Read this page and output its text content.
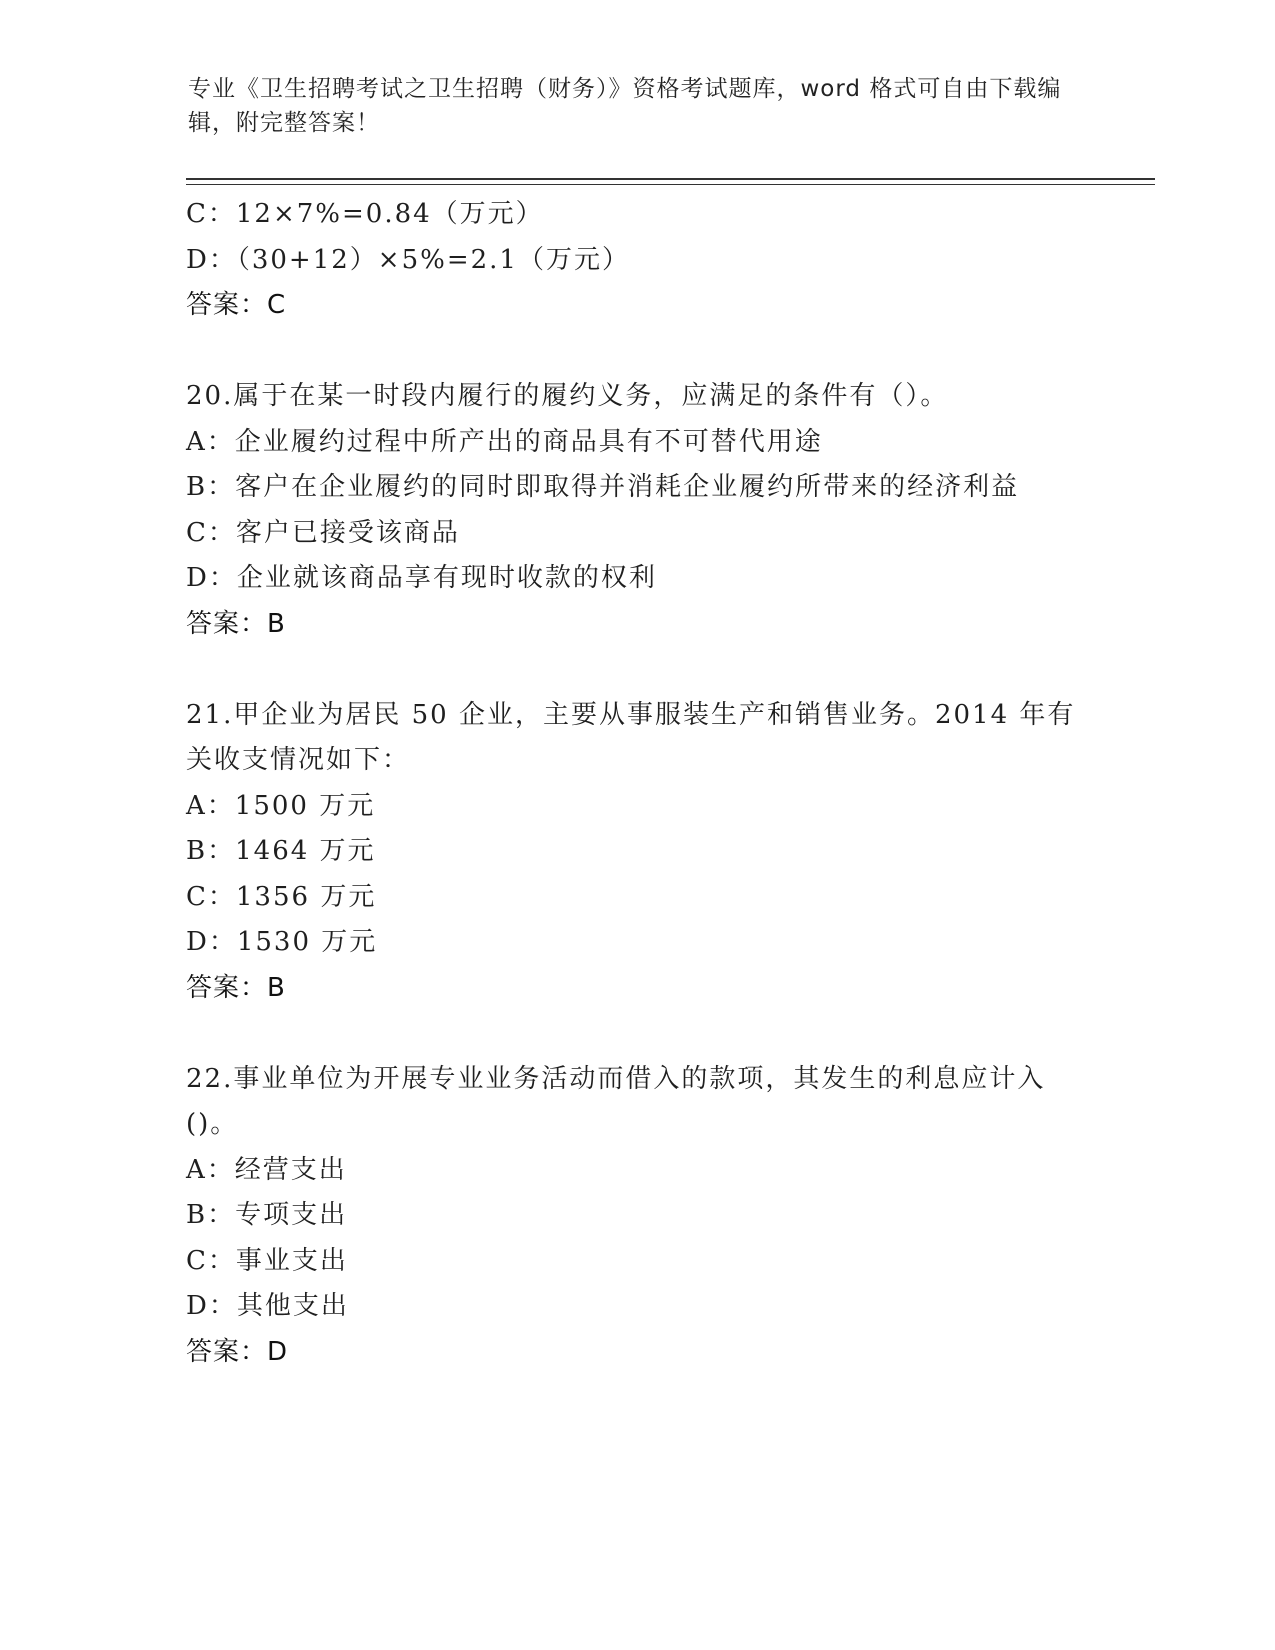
专业《卫生招聘考试之卫生招聘（财务）》资格考试题库，word 格式可自由下载编辑，附完整答案！

C：12×7%=0.84（万元）

D：（30+12）×5%=2.1（万元）

答案：C

20.属于在某一时段内履行的履约义务，应满足的条件有（）。

A：企业履约过程中所产出的商品具有不可替代用途

B：客户在企业履约的同时即取得并消耗企业履约所带来的经济利益

C：客户已接受该商品

D：企业就该商品享有现时收款的权利

答案：B

21.甲企业为居民 50 企业，主要从事服装生产和销售业务。2014 年有

关收支情况如下：

A：1500 万元

B：1464 万元

C：1356 万元

D：1530 万元

答案：B

22.事业单位为开展专业业务活动而借入的款项，其发生的利息应计入

()。

A：经营支出

B：专项支出

C：事业支出

D：其他支出

答案：D
